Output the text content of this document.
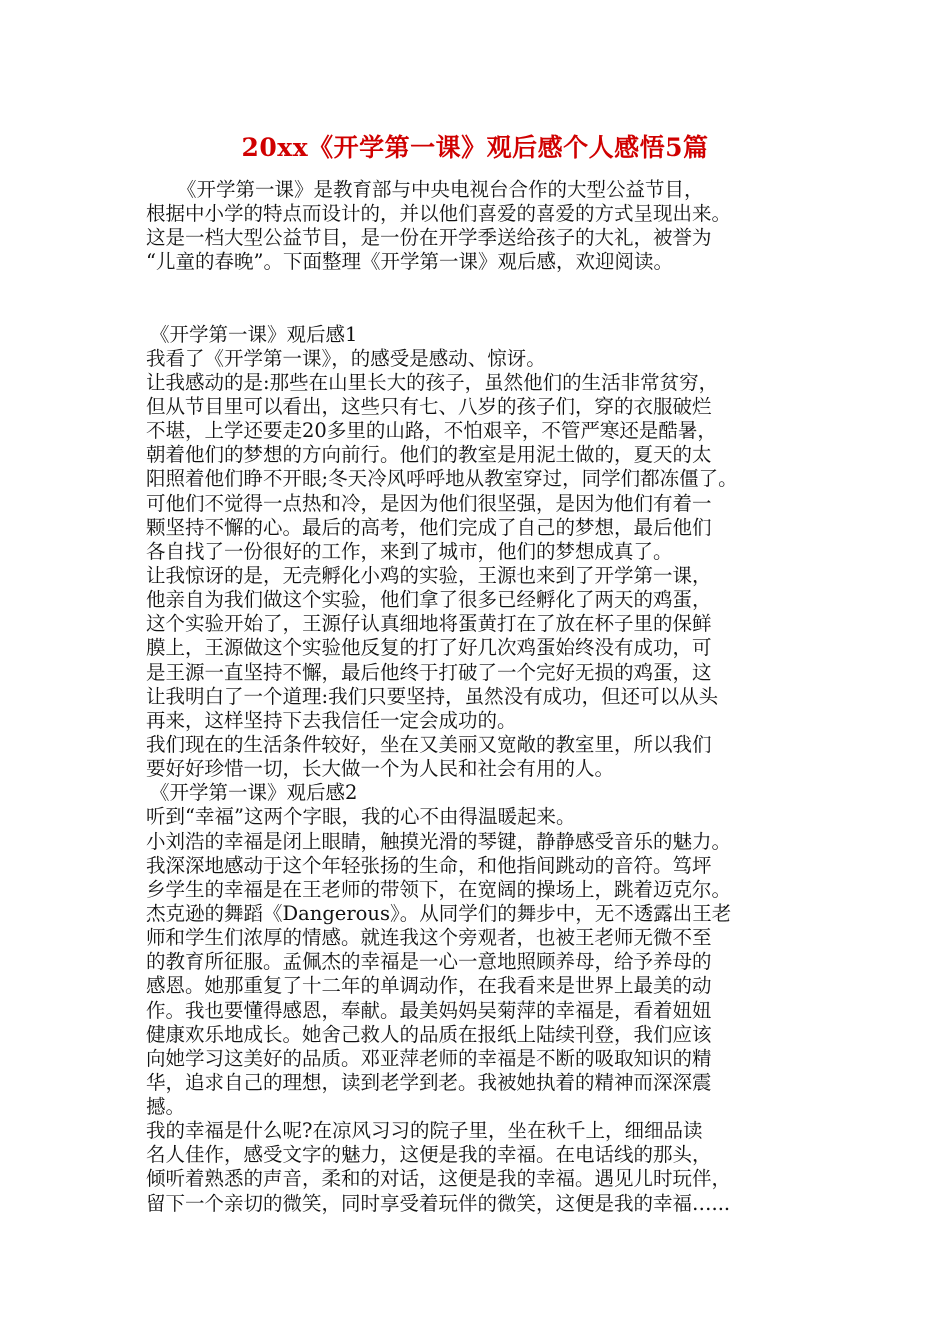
20xx《开学第一课》观后感个人感悟5篇
《开学第一课》是教育部与中央电视台合作的大型公益节目，
根据中小学的特点而设计的，并以他们喜爱的喜爱的方式呈现出来。
这是一档大型公益节目，是一份在开学季送给孩子的大礼，被誉为
“儿童的春晚”。下面整理《开学第一课》观后感，欢迎阅读。
《开学第一课》观后感1
我看了《开学第一课》，的感受是感动、惊讶。
让我感动的是:那些在山里长大的孩子，虽然他们的生活非常贫穷，
但从节目里可以看出，这些只有七、八岁的孩子们，穿的衣服破烂
不堪，上学还要走20多里的山路，不怕艰辛，不管严寒还是酷暑，
朝着他们的梦想的方向前行。他们的教室是用泥土做的，夏天的太
阳照着他们睁不开眼;冬天冷风呼呼地从教室穿过，同学们都冻僵了。
可他们不觉得一点热和冷，是因为他们很坚强，是因为他们有着一
颗坚持不懈的心。最后的高考，他们完成了自己的梦想，最后他们
各自找了一份很好的工作，来到了城市，他们的梦想成真了。
让我惊讶的是，无壳孵化小鸡的实验，王源也来到了开学第一课，
他亲自为我们做这个实验，他们拿了很多已经孵化了两天的鸡蛋，
这个实验开始了，王源仔认真细地将蛋黄打在了放在杯子里的保鲜
膜上，王源做这个实验他反复的打了好几次鸡蛋始终没有成功，可
是王源一直坚持不懈，最后他终于打破了一个完好无损的鸡蛋，这
让我明白了一个道理:我们只要坚持，虽然没有成功，但还可以从头
再来，这样坚持下去我信任一定会成功的。
我们现在的生活条件较好，坐在又美丽又宽敞的教室里，所以我们
要好好珍惜一切，长大做一个为人民和社会有用的人。
《开学第一课》观后感2
听到“幸福”这两个字眼，我的心不由得温暖起来。
小刘浩的幸福是闭上眼睛，触摸光滑的琴键，静静感受音乐的魅力。
我深深地感动于这个年轻张扬的生命，和他指间跳动的音符。笃坪
乡学生的幸福是在王老师的带领下，在宽阔的操场上，跳着迈克尔。
杰克逊的舞蹈《Dangerous》。从同学们的舞步中，无不透露出王老
师和学生们浓厚的情感。就连我这个旁观者，也被王老师无微不至
的教育所征服。孟佩杰的幸福是一心一意地照顾养母，给予养母的
感恩。她那重复了十二年的单调动作，在我看来是世界上最美的动
作。我也要懂得感恩，奉献。最美妈妈吴菊萍的幸福是，看着妞妞
健康欢乐地成长。她舍己救人的品质在报纸上陆续刊登，我们应该
向她学习这美好的品质。邓亚萍老师的幸福是不断的吸取知识的精
华，追求自己的理想，读到老学到老。我被她执着的精神而深深震
撼。
我的幸福是什么呢?在凉风习习的院子里，坐在秋千上，细细品读
名人佳作，感受文字的魅力，这便是我的幸福。在电话线的那头，
倾听着熟悉的声音，柔和的对话，这便是我的幸福。遇见儿时玩伴，
留下一个亲切的微笑，同时享受着玩伴的微笑，这便是我的幸福…...
